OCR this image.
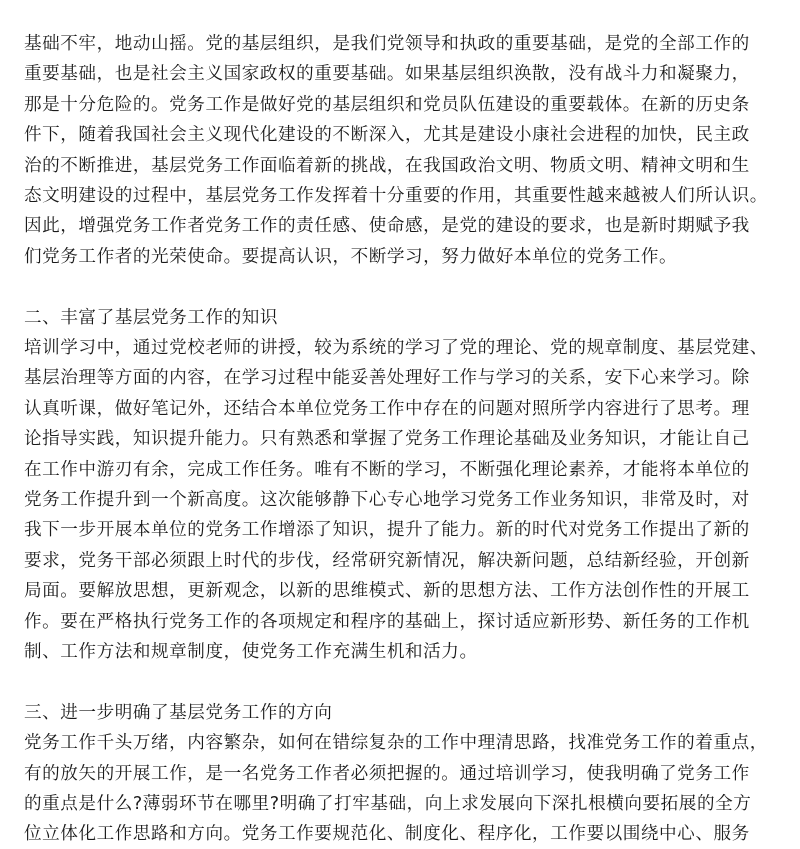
基础不牢，地动山摇。党的基层组织，是我们党领导和执政的重要基础，是党的全部工作的
重要基础，也是社会主义国家政权的重要基础。如果基层组织涣散，没有战斗力和凝聚力，
那是十分危险的。党务工作是做好党的基层组织和党员队伍建设的重要载体。在新的历史条
件下，随着我国社会主义现代化建设的不断深入，尤其是建设小康社会进程的加快，民主政
治的不断推进，基层党务工作面临着新的挑战，在我国政治文明、物质文明、精神文明和生
态文明建设的过程中，基层党务工作发挥着十分重要的作用，其重要性越来越被人们所认识。
因此，增强党务工作者党务工作的责任感、使命感，是党的建设的要求，也是新时期赋予我
们党务工作者的光荣使命。要提高认识，不断学习，努力做好本单位的党务工作。
二、丰富了基层党务工作的知识
培训学习中，通过党校老师的讲授，较为系统的学习了党的理论、党的规章制度、基层党建、
基层治理等方面的内容，在学习过程中能妥善处理好工作与学习的关系，安下心来学习。除
认真听课，做好笔记外，还结合本单位党务工作中存在的问题对照所学内容进行了思考。理
论指导实践，知识提升能力。只有熟悉和掌握了党务工作理论基础及业务知识，才能让自己
在工作中游刃有余，完成工作任务。唯有不断的学习，不断强化理论素养，才能将本单位的
党务工作提升到一个新高度。这次能够静下心专心地学习党务工作业务知识，非常及时，对
我下一步开展本单位的党务工作增添了知识，提升了能力。新的时代对党务工作提出了新的
要求，党务干部必须跟上时代的步伐，经常研究新情况，解决新问题，总结新经验，开创新
局面。要解放思想，更新观念，以新的思维模式、新的思想方法、工作方法创作性的开展工
作。要在严格执行党务工作的各项规定和程序的基础上，探讨适应新形势、新任务的工作机
制、工作方法和规章制度，使党务工作充满生机和活力。
三、进一步明确了基层党务工作的方向
党务工作千头万绪，内容繁杂，如何在错综复杂的工作中理清思路，找准党务工作的着重点，
有的放矢的开展工作，是一名党务工作者必须把握的。通过培训学习，使我明确了党务工作
的重点是什么?薄弱环节在哪里?明确了打牢基础，向上求发展向下深扎根横向要拓展的全方
位立体化工作思路和方向。党务工作要规范化、制度化、程序化，工作要以围绕中心、服务
